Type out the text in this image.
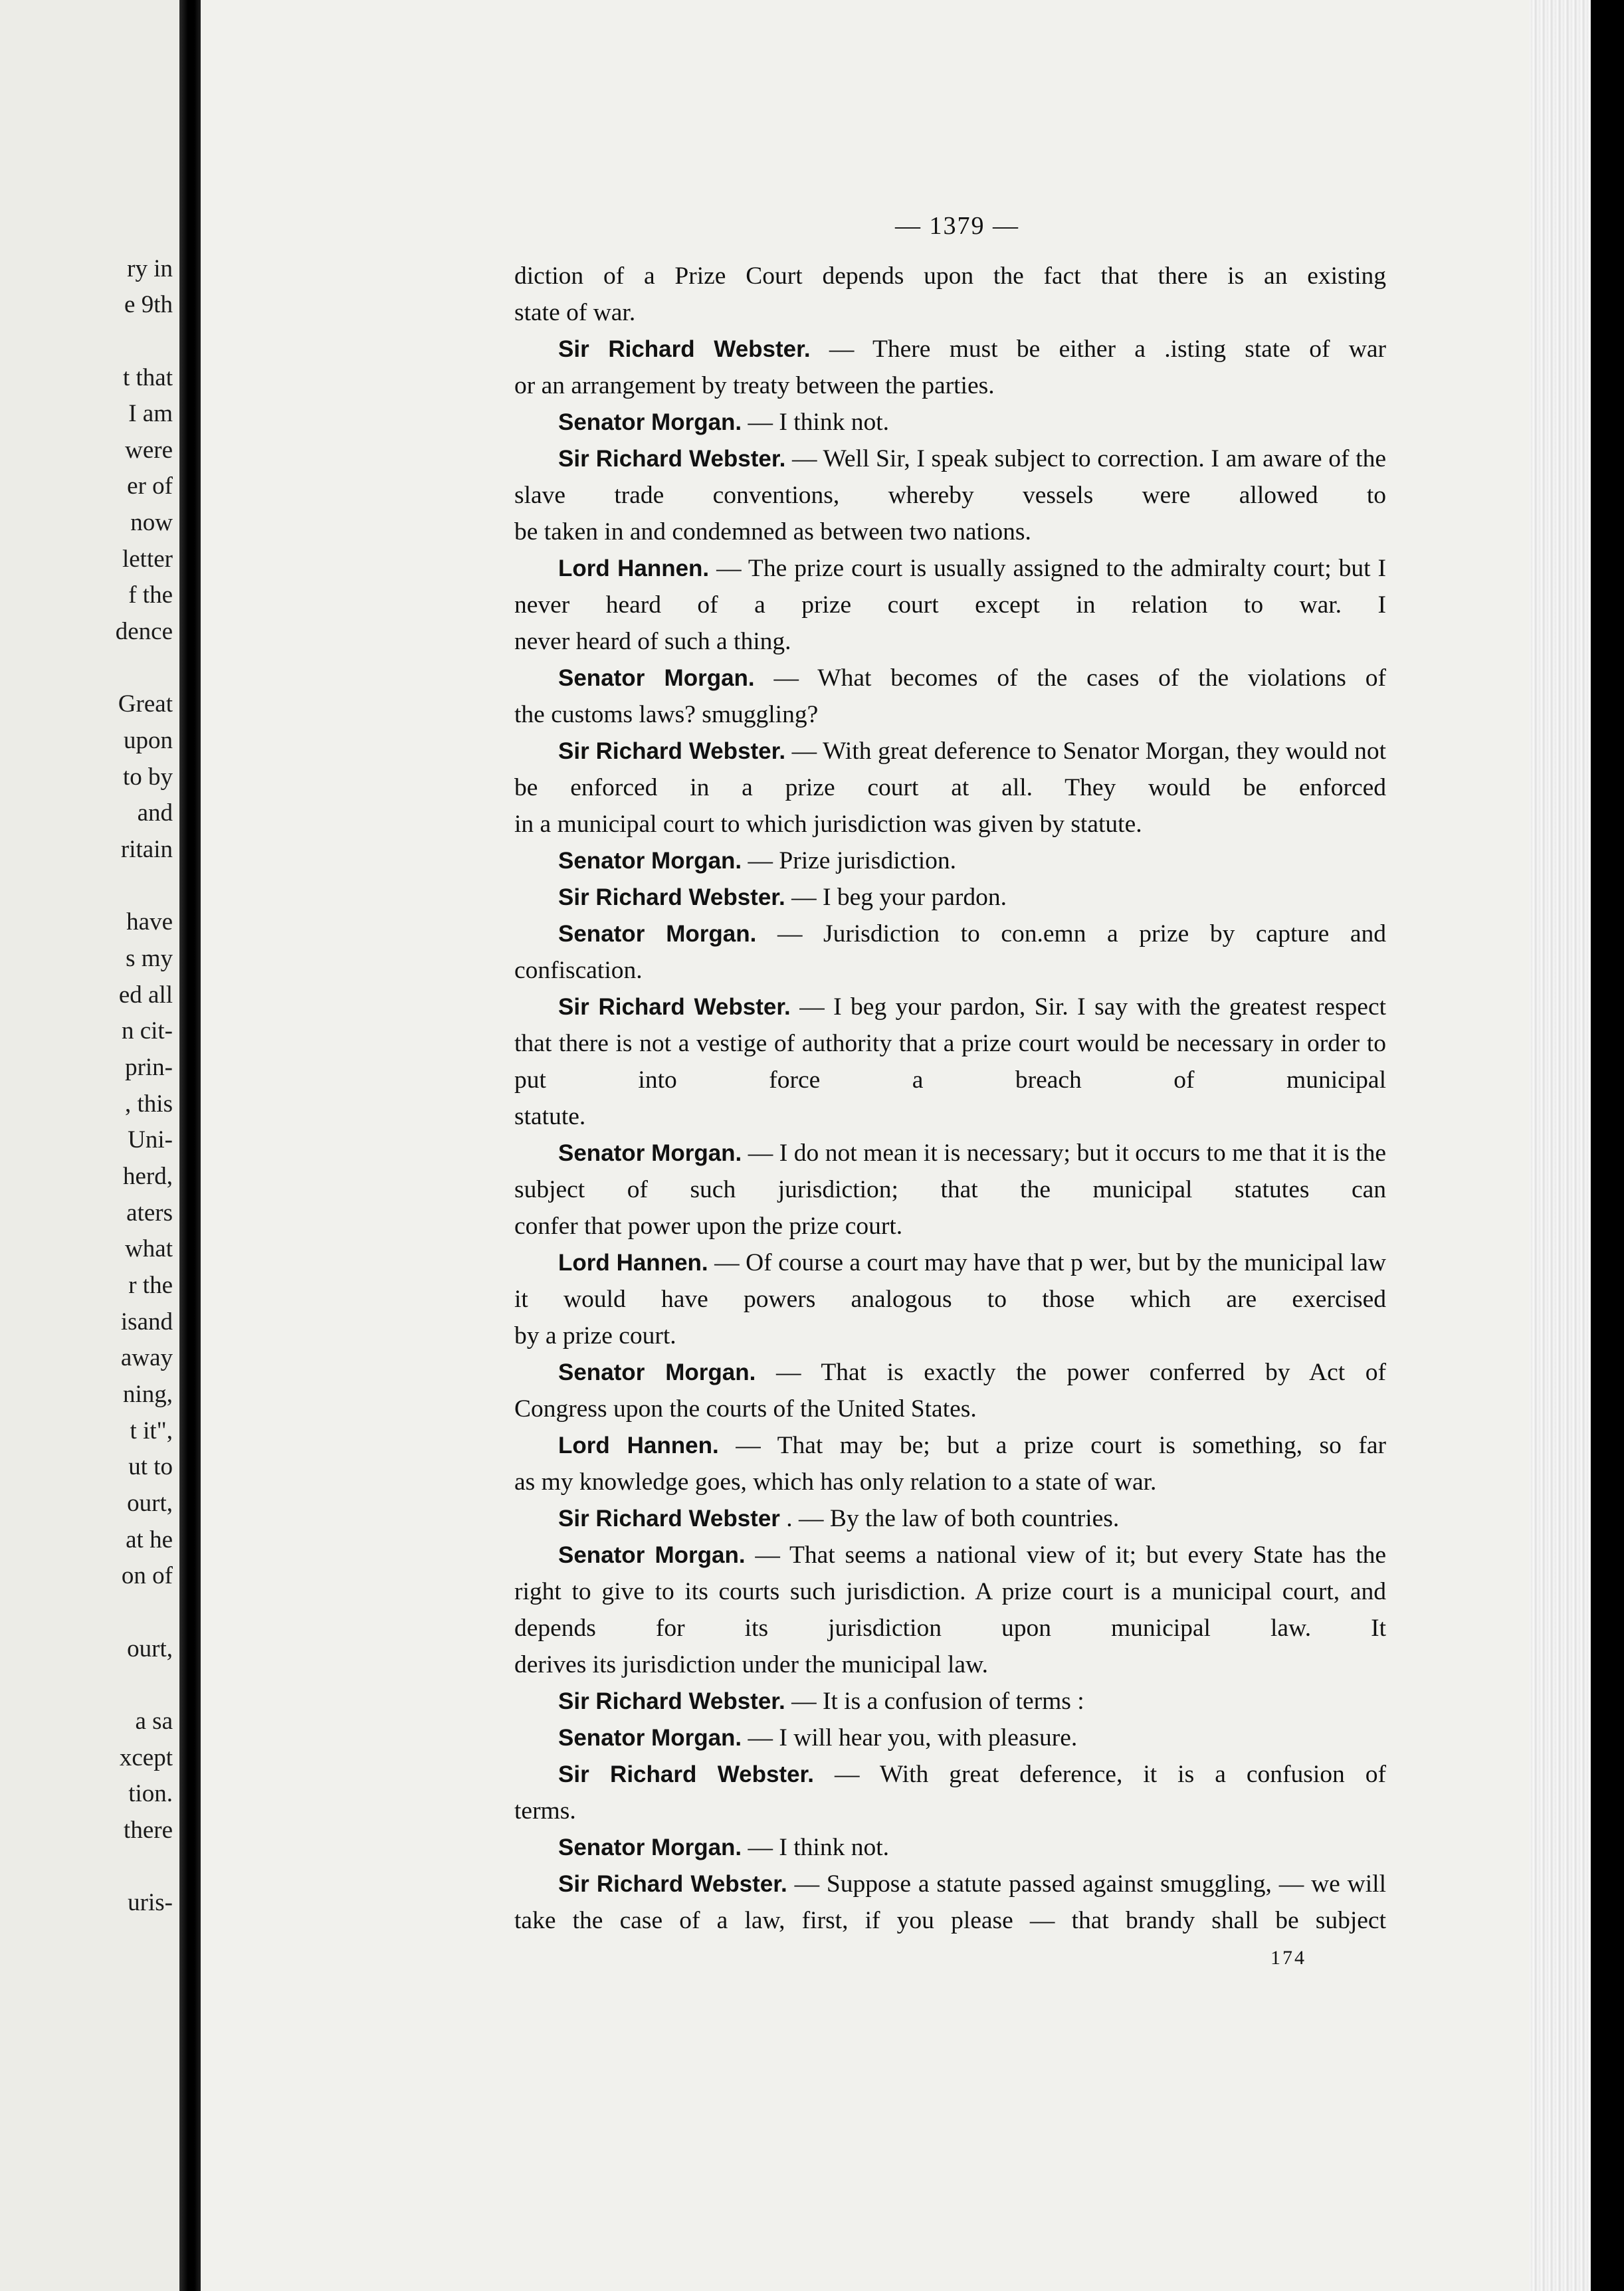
ry in
e 9th
t that
I am
were
er of
now
letter
f the
dence
Great
upon
to by
and
ritain
have
s my
ed all
n cit-
prin-
, this
Uni-
herd,
aters
what
r the
isand
away
ning,
t it",
ut to
ourt,
at he
on of
ourt,
a sa
xcept
tion.
there
uris-
— 1379 —

diction of a Prize Court depends upon the fact that there is an existing
state of war.

Sir Richard Webster. — There must be either a .isting state of war
or an arrangement by treaty between the parties.

Senator Morgan. — I think not.

Sir Richard Webster. — Well Sir, I speak subject to correction. I am aware of the slave trade conventions, whereby vessels were allowed to
be taken in and condemned as between two nations.

Lord Hannen. — The prize court is usually assigned to the admiralty court; but I never heard of a prize court except in relation to war. I
never heard of such a thing.

Senator Morgan. — What becomes of the cases of the violations of
the customs laws? smuggling?

Sir Richard Webster. — With great deference to Senator Morgan, they would not be enforced in a prize court at all. They would be enforced
in a municipal court to which jurisdiction was given by statute.

Senator Morgan. — Prize jurisdiction.

Sir Richard Webster. — I beg your pardon.

Senator Morgan. — Jurisdiction to con.emn a prize by capture and
confiscation.

Sir Richard Webster. — I beg your pardon, Sir. I say with the greatest respect that there is not a vestige of authority that a prize court would be necessary in order to put into force a breach of municipal
statute.

Senator Morgan. — I do not mean it is necessary; but it occurs to me that it is the subject of such jurisdiction; that the municipal statutes can
confer that power upon the prize court.

Lord Hannen. — Of course a court may have that p wer, but by the municipal law it would have powers analogous to those which are exercised
by a prize court.

Senator Morgan. — That is exactly the power conferred by Act of
Congress upon the courts of the United States.

Lord Hannen. — That may be; but a prize court is something, so far
as my knowledge goes, which has only relation to a state of war.

Sir Richard Webster . — By the law of both countries.

Senator Morgan. — That seems a national view of it; but every State has the right to give to its courts such jurisdiction. A prize court is a municipal court, and depends for its jurisdiction upon municipal law. It
derives its jurisdiction under the municipal law.

Sir Richard Webster. — It is a confusion of terms :

Senator Morgan. — I will hear you, with pleasure.

Sir Richard Webster. — With great deference, it is a confusion of
terms.

Senator Morgan. — I think not.

Sir Richard Webster. — Suppose a statute passed against smuggling, — we will take the case of a law, first, if you please — that brandy shall be subject

174
